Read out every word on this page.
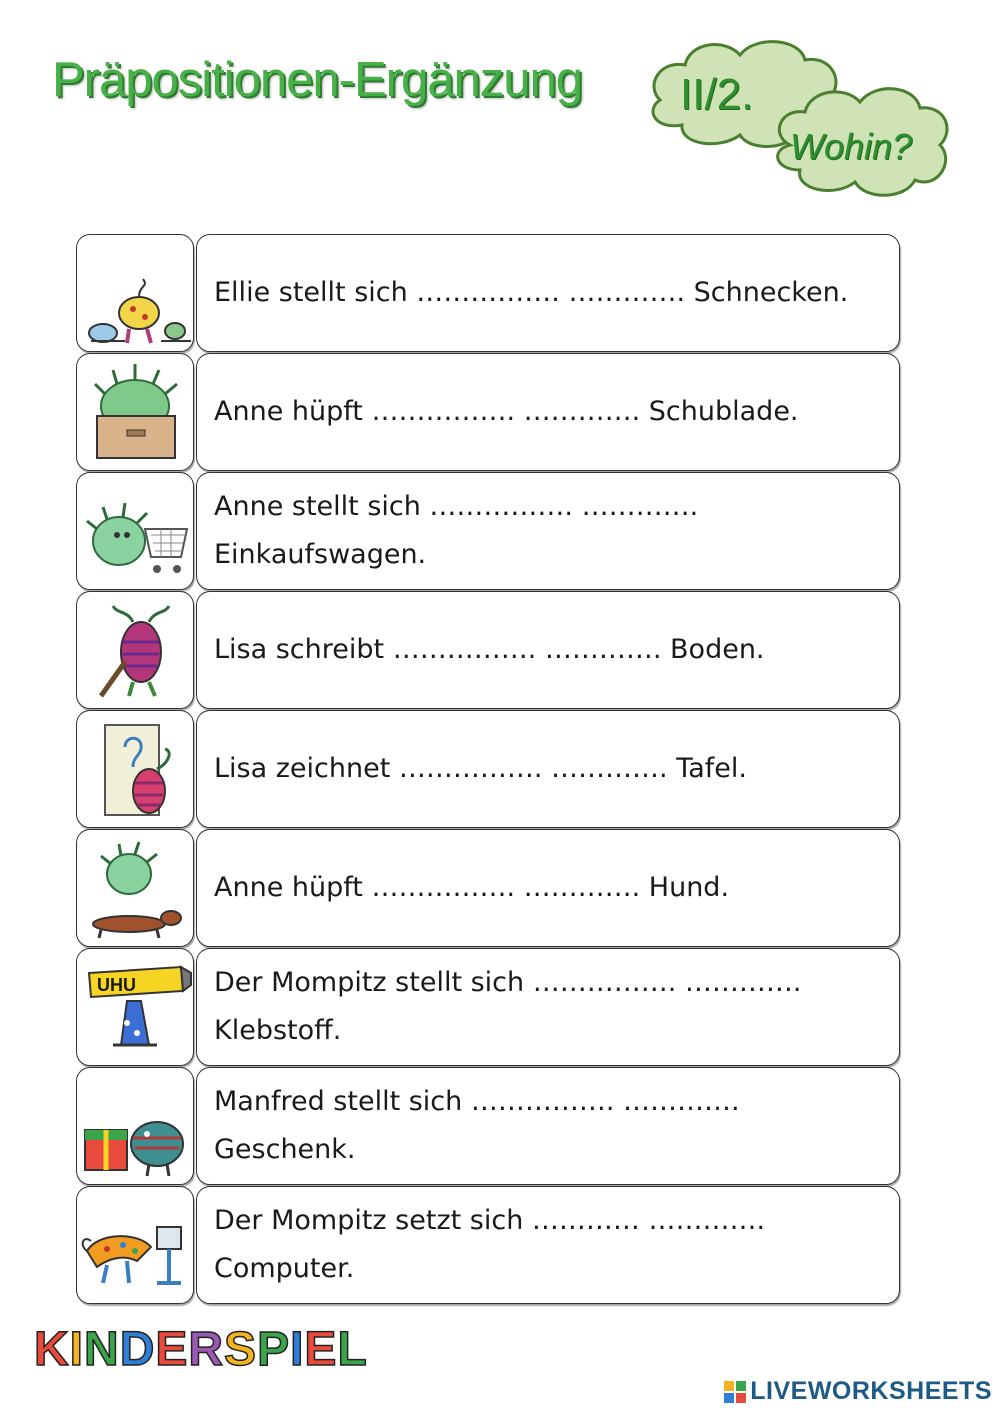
Präpositionen-Ergänzung II/2.
Wohin?
Ellie stellt sich ……………. …………. Schnecken.
Anne hüpft ……………. …………. Schublade.
Anne stellt sich ……………. …………. Einkaufswagen.
Lisa schreibt ……………. …………. Boden.
Lisa zeichnet ……………. …………. Tafel.
Anne hüpft ……………. …………. Hund.
UHU	Der Mompitz stellt sich ……………. …………. Klebstoff.
Manfred stellt sich ……………. …………. Geschenk.
Der Mompitz setzt sich ………… …………. Computer.
KINDERSPIEL
LIVEWORKSHEETS
